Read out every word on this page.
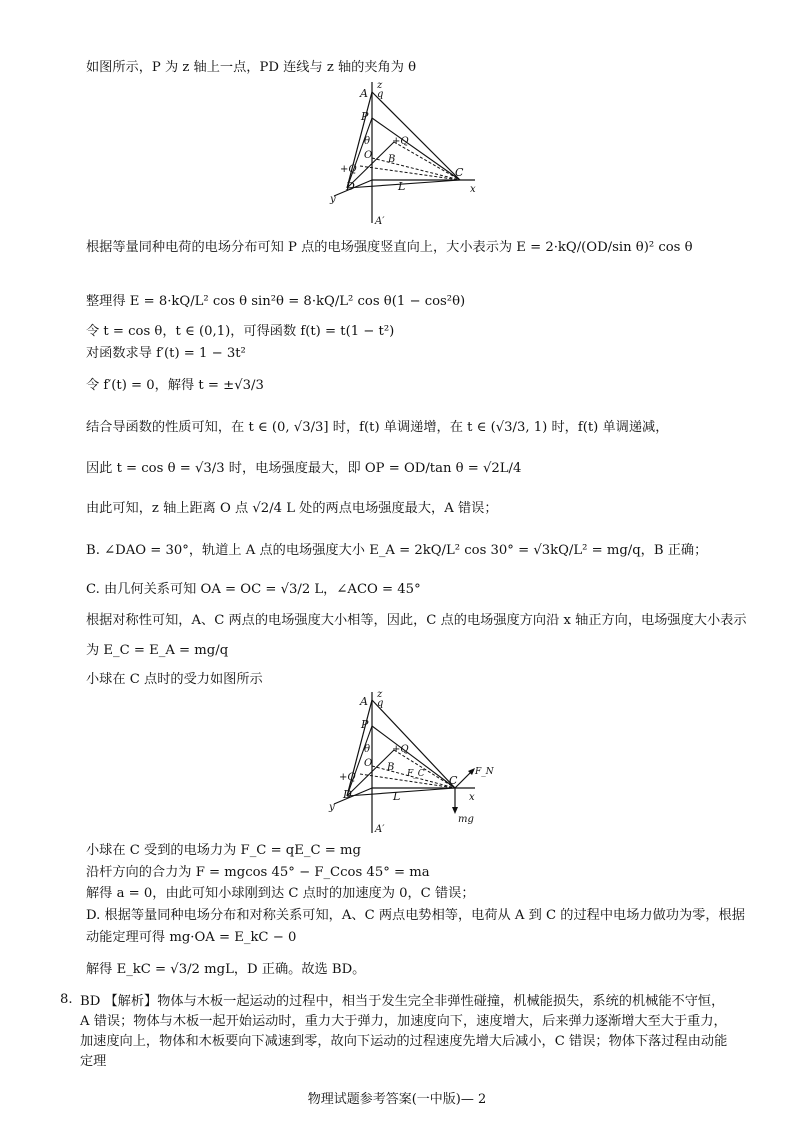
如图所示，P 为 z 轴上一点，PD 连线与 z 轴的夹角为 θ
z
q
A
P
θ +Q
+Q
O B
C
D	L	x
y
A′
根据等量同种电荷的电场分布可知 P 点的电场强度竖直向上，大小表示为 E = 2·kQ/(OD/sin θ)² cos θ
整理得 E = 8·kQ/L² cos θ sin²θ = 8·kQ/L² cos θ(1 − cos²θ)
令 t = cos θ，t ∈ (0,1)，可得函数 f(t) = t(1 − t²)
对函数求导 f′(t) = 1 − 3t²
令 f′(t) = 0，解得 t = ±√3/3
结合导函数的性质可知，在 t ∈ (0, √3/3] 时，f(t) 单调递增，在 t ∈ (√3/3, 1) 时，f(t) 单调递减，
因此 t = cos θ = √3/3 时，电场强度最大，即 OP = OD/tan θ = √2L/4
由此可知，z 轴上距离 O 点 √2/4 L 处的两点电场强度最大，A 错误；
B. ∠DAO = 30°，轨道上 A 点的电场强度大小 E_A = 2kQ/L² cos 30° = √3kQ/L² = mg/q，B 正确；
C. 由几何关系可知 OA = OC = √3/2 L，∠ACO = 45°
根据对称性可知，A、C 两点的电场强度大小相等，因此，C 点的电场强度方向沿 x 轴正方向，电场强度大小表示
为 E_C = E_A = mg/q
小球在 C 点时的受力如图所示
z
q
A
P
θ +Q
+Q
O B
F_C C
F_N
D	L	x
y
A′
mg
小球在 C 受到的电场力为 F_C = qE_C = mg
沿杆方向的合力为 F = mgcos 45° − F_Ccos 45° = ma
解得 a = 0，由此可知小球刚到达 C 点时的加速度为 0，C 错误；
D. 根据等量同种电场分布和对称关系可知，A、C 两点电势相等，电荷从 A 到 C 的过程中电场力做功为零，根据
动能定理可得 mg·OA = E_kC − 0
解得 E_kC = √3/2 mgL，D 正确。故选 BD。
8. BD 【解析】物体与木板一起运动的过程中，相当于发生完全非弹性碰撞，机械能损失，系统的机械能不守恒，A 错误；物体与木板一起开始运动时，重力大于弹力，加速度向下，速度增大，后来弹力逐渐增大至大于重力，加速度向上，物体和木板要向下减速到零，故向下运动的过程速度先增大后减小，C 错误；物体下落过程由动能定理
物理试题参考答案(一中版)— 2
